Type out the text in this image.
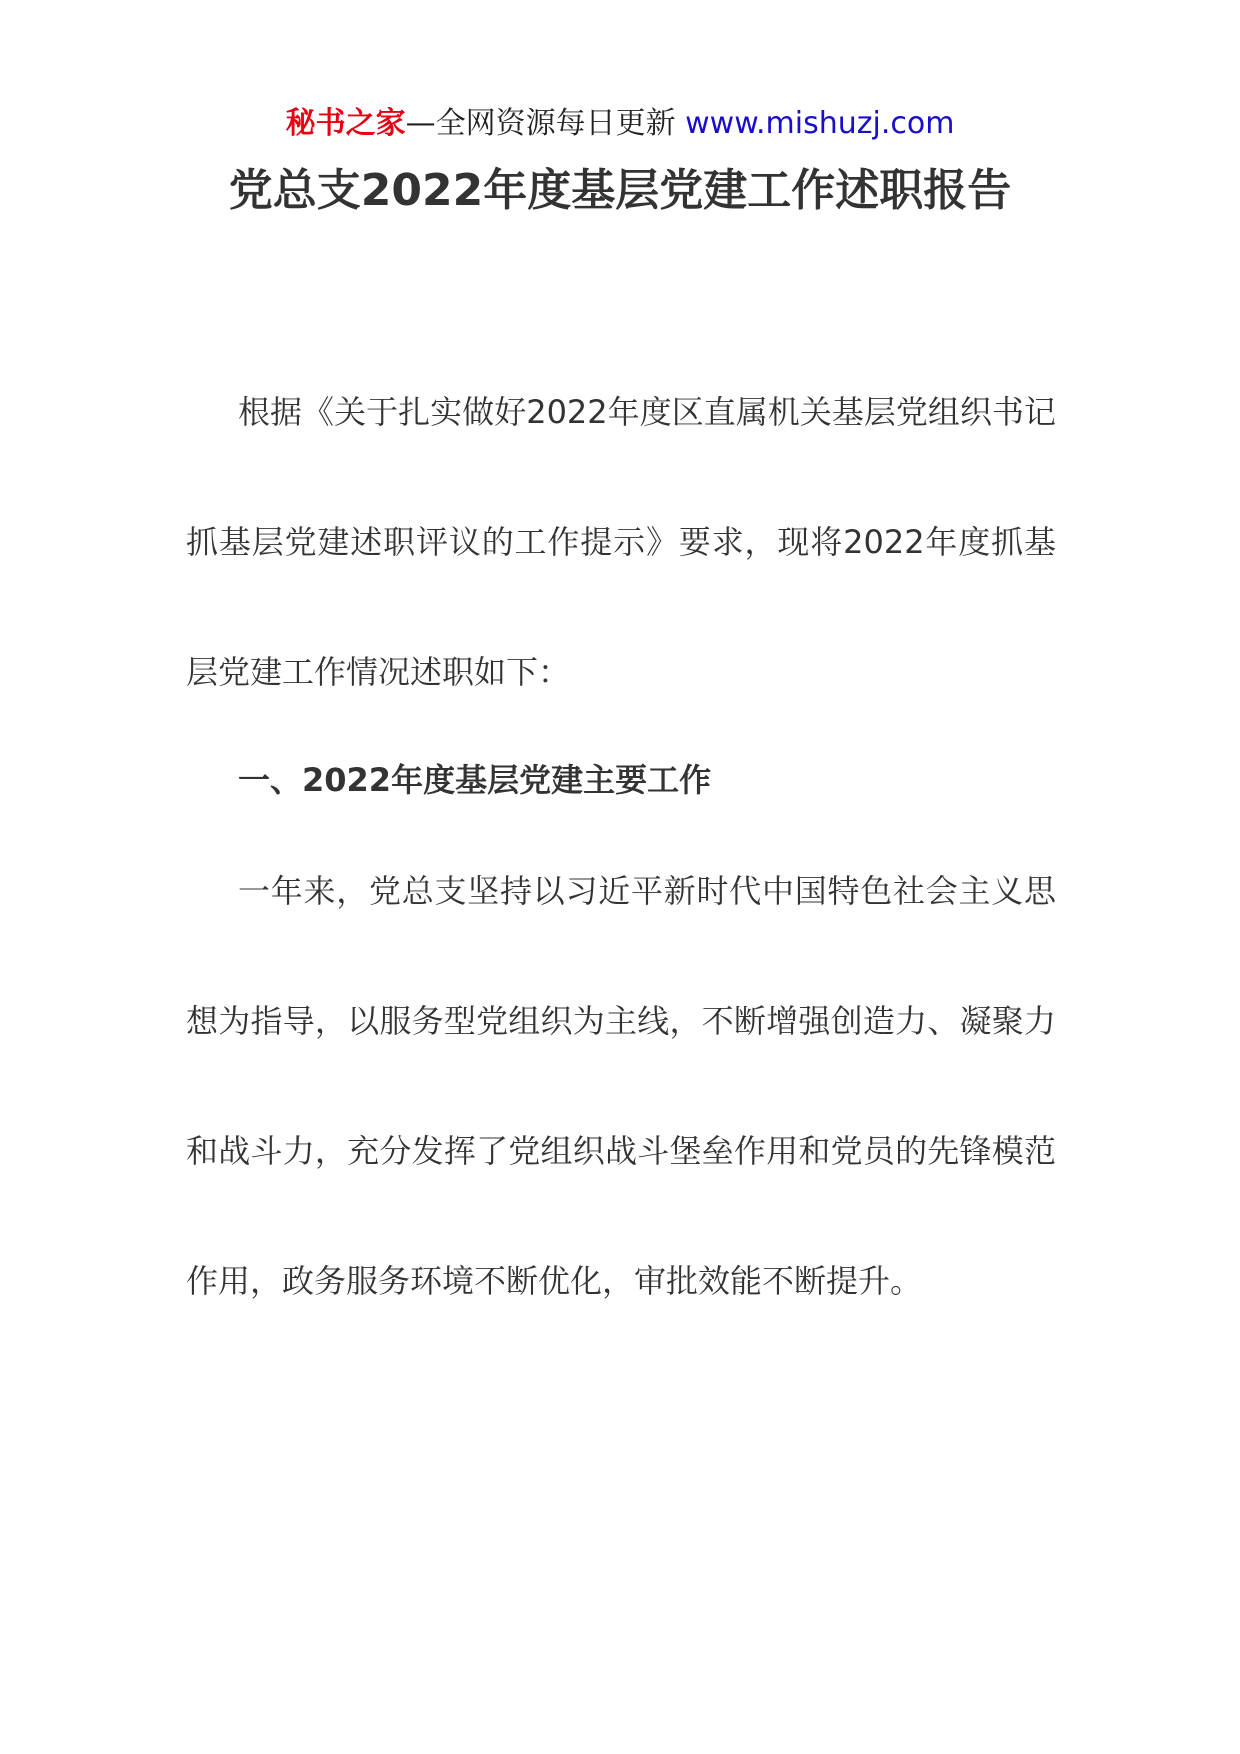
秘书之家—全网资源每日更新 www.mishuzj.com
党总支2022年度基层党建工作述职报告

根据《关于扎实做好2022年度区直属机关基层党组织书记抓基层党建述职评议的工作提示》要求，现将2022年度抓基层党建工作情况述职如下：

一、2022年度基层党建主要工作

一年来，党总支坚持以习近平新时代中国特色社会主义思想为指导，以服务型党组织为主线，不断增强创造力、凝聚力和战斗力，充分发挥了党组织战斗堡垒作用和党员的先锋模范作用，政务服务环境不断优化，审批效能不断提升。
